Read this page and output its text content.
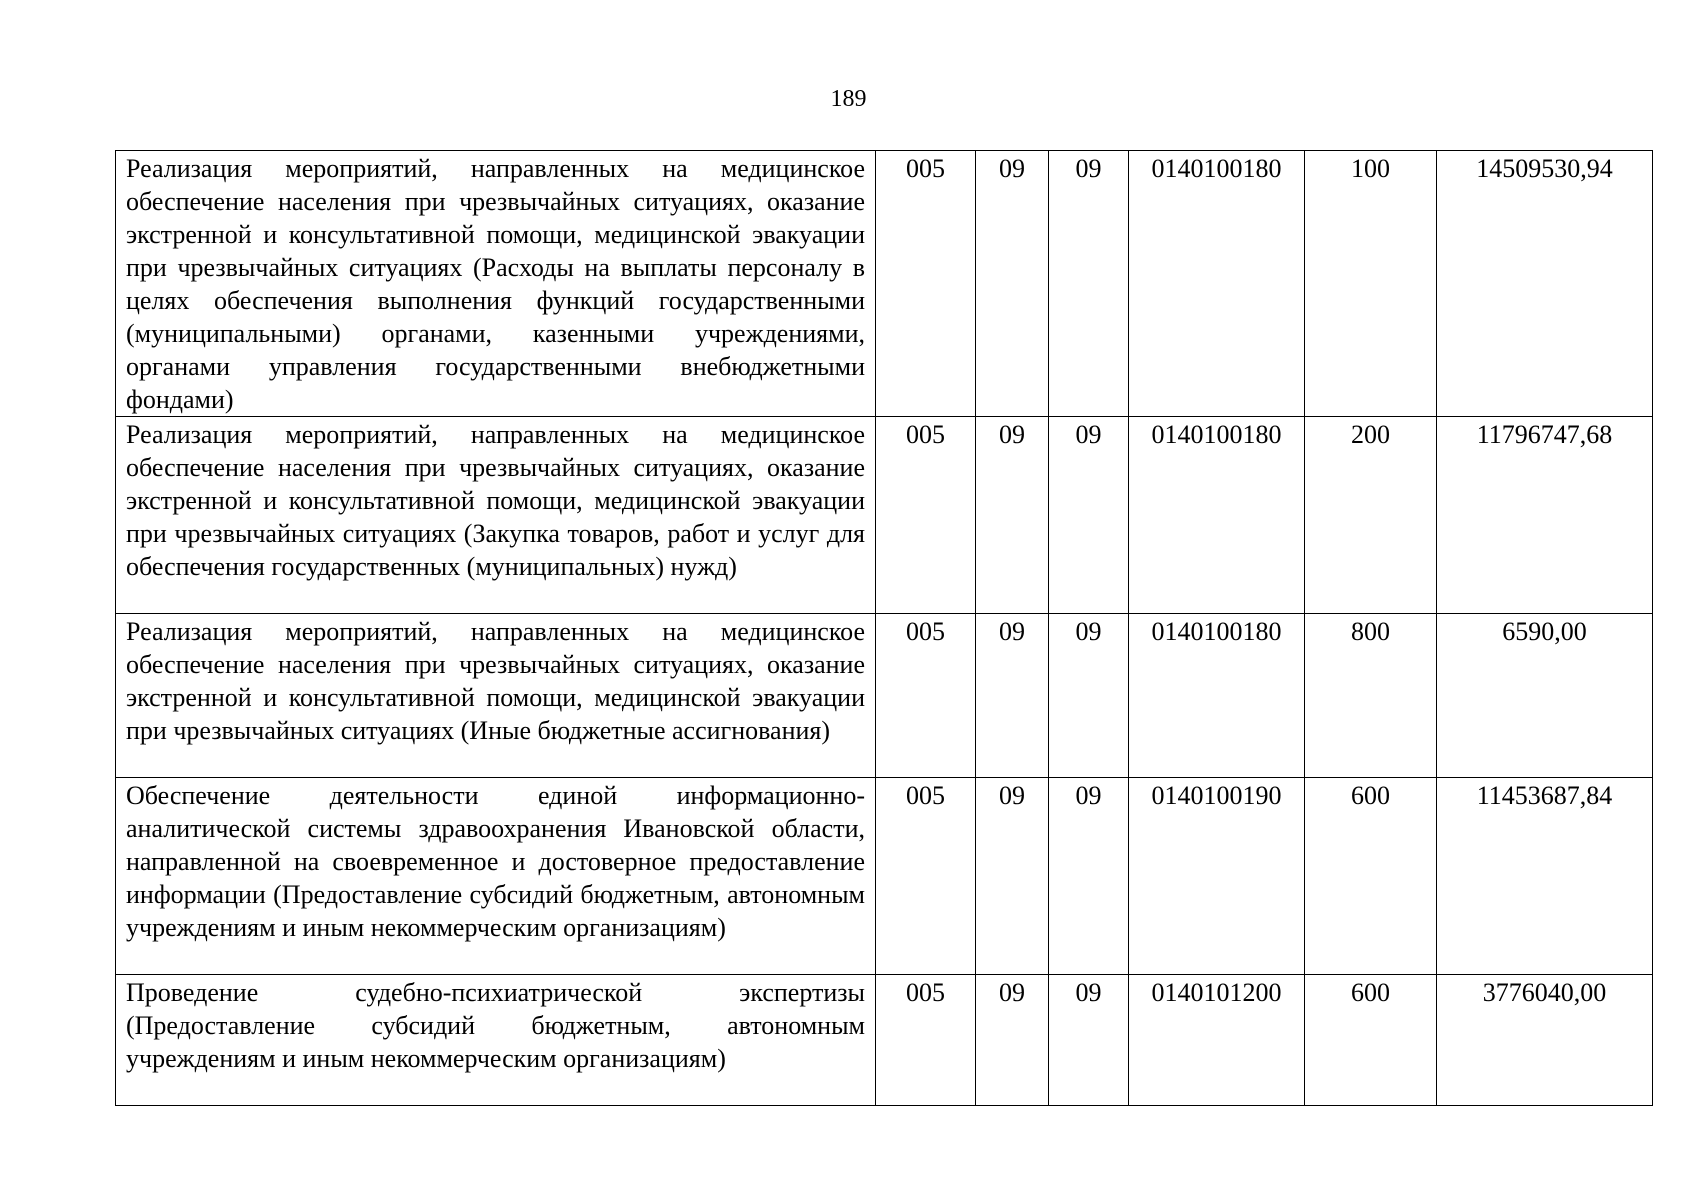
189
Реализация мероприятий, направленных на медицинское обеспечение населения при чрезвычайных ситуациях, оказание экстренной и консультативной помощи, медицинской эвакуации при чрезвычайных ситуациях (Расходы на выплаты персоналу в целях обеспечения выполнения функций государственными (муниципальными) органами, казенными учреждениями, органами управления государственными внебюджетными фондами)	005	09	09	0140100180	100	14509530,94
Реализация мероприятий, направленных на медицинское обеспечение населения при чрезвычайных ситуациях, оказание экстренной и консультативной помощи, медицинской эвакуации при чрезвычайных ситуациях (Закупка товаров, работ и услуг для обеспечения государственных (муниципальных) нужд)	005	09	09	0140100180	200	11796747,68
Реализация мероприятий, направленных на медицинское обеспечение населения при чрезвычайных ситуациях, оказание экстренной и консультативной помощи, медицинской эвакуации при чрезвычайных ситуациях (Иные бюджетные ассигнования)	005	09	09	0140100180	800	6590,00
Обеспечение деятельности единой информационно-аналитической системы здравоохранения Ивановской области, направленной на своевременное и достоверное предоставление информации (Предоставление субсидий бюджетным, автономным учреждениям и иным некоммерческим организациям)	005	09	09	0140100190	600	11453687,84
Проведение судебно-психиатрической экспертизы (Предоставление субсидий бюджетным, автономным учреждениям и иным некоммерческим организациям)	005	09	09	0140101200	600	3776040,00
